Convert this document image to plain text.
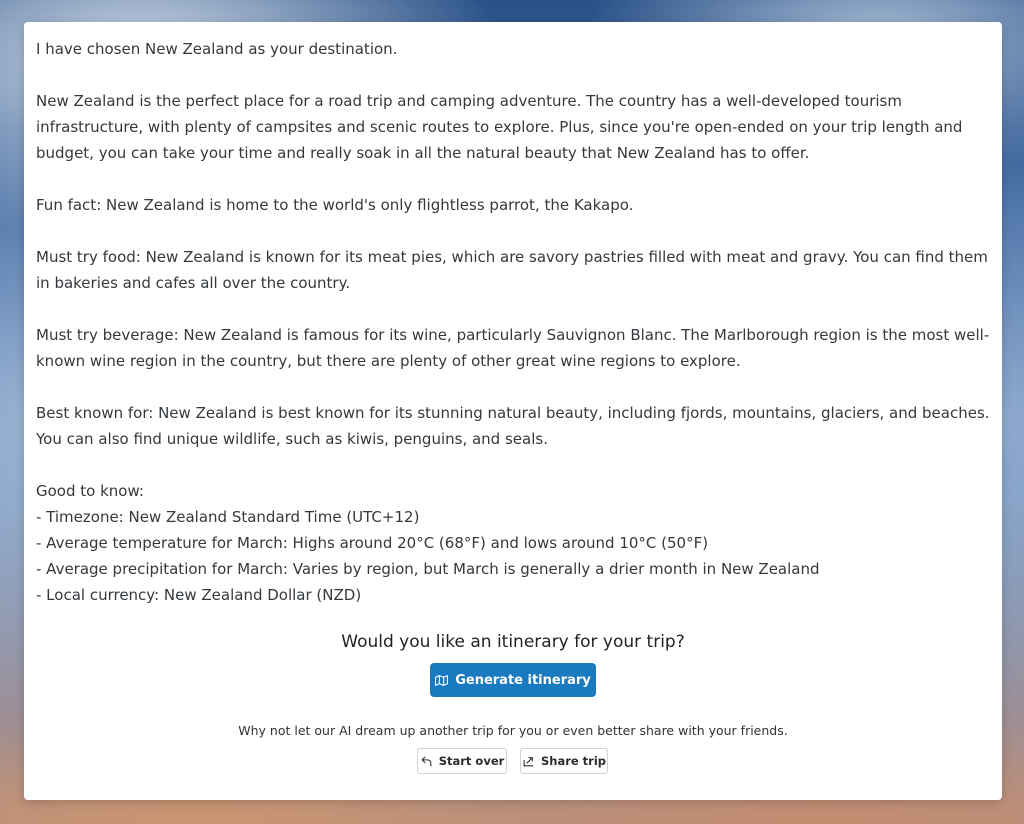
I have chosen New Zealand as your destination.

New Zealand is the perfect place for a road trip and camping adventure. The country has a well-developed tourism infrastructure, with plenty of campsites and scenic routes to explore. Plus, since you're open-ended on your trip length and budget, you can take your time and really soak in all the natural beauty that New Zealand has to offer.

Fun fact: New Zealand is home to the world's only flightless parrot, the Kakapo.

Must try food: New Zealand is known for its meat pies, which are savory pastries filled with meat and gravy. You can find them in bakeries and cafes all over the country.

Must try beverage: New Zealand is famous for its wine, particularly Sauvignon Blanc. The Marlborough region is the most well-known wine region in the country, but there are plenty of other great wine regions to explore.

Best known for: New Zealand is best known for its stunning natural beauty, including fjords, mountains, glaciers, and beaches. You can also find unique wildlife, such as kiwis, penguins, and seals.

Good to know:

- Timezone: New Zealand Standard Time (UTC+12)

- Average temperature for March: Highs around 20°C (68°F) and lows around 10°C (50°F)

- Average precipitation for March: Varies by region, but March is generally a drier month in New Zealand

- Local currency: New Zealand Dollar (NZD)

Would you like an itinerary for your trip?

Generate itinerary

Why not let our AI dream up another trip for you or even better share with your friends.

Start over	Share trip
